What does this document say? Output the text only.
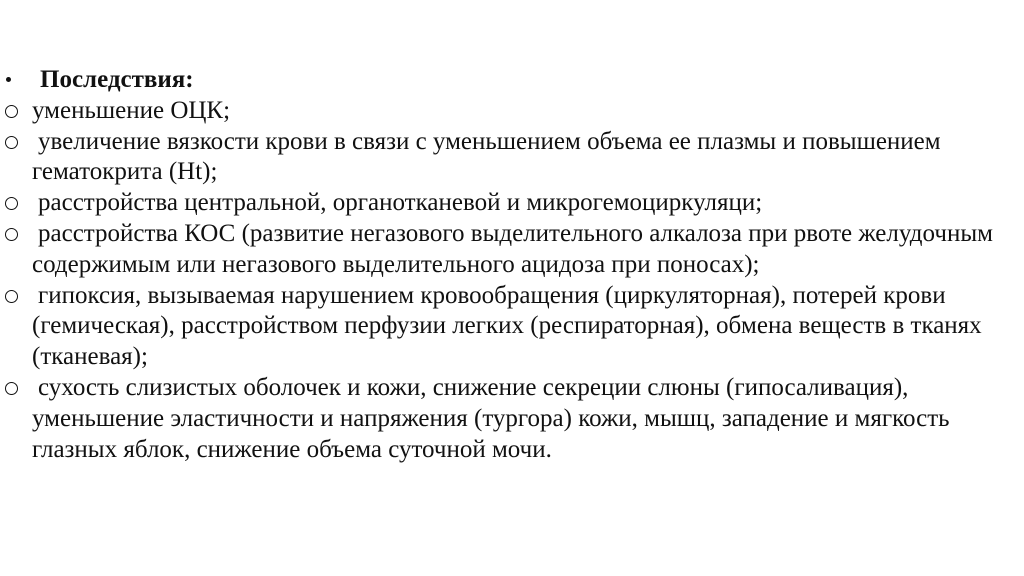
Последствия:
уменьшение ОЦК;
увеличение вязкости крови в связи с уменьшением объема ее плазмы и повышением гематокрита (Ht);
расстройства центральной, органотканевой и микрогемоциркуляци;
расстройства КОС (развитие негазового выделительного алкалоза при рвоте желудочным содержимым или негазового выделительного ацидоза при поносах);
гипоксия, вызываемая нарушением кровообращения (циркуляторная), потерей крови (гемическая), расстройством перфузии легких (респираторная), обмена веществ в тканях (тканевая);
сухость слизистых оболочек и кожи, снижение секреции слюны (гипосаливация), уменьшение эластичности и напряжения (тургора) кожи, мышц, западение и мягкость глазных яблок, снижение объема суточной мочи.
